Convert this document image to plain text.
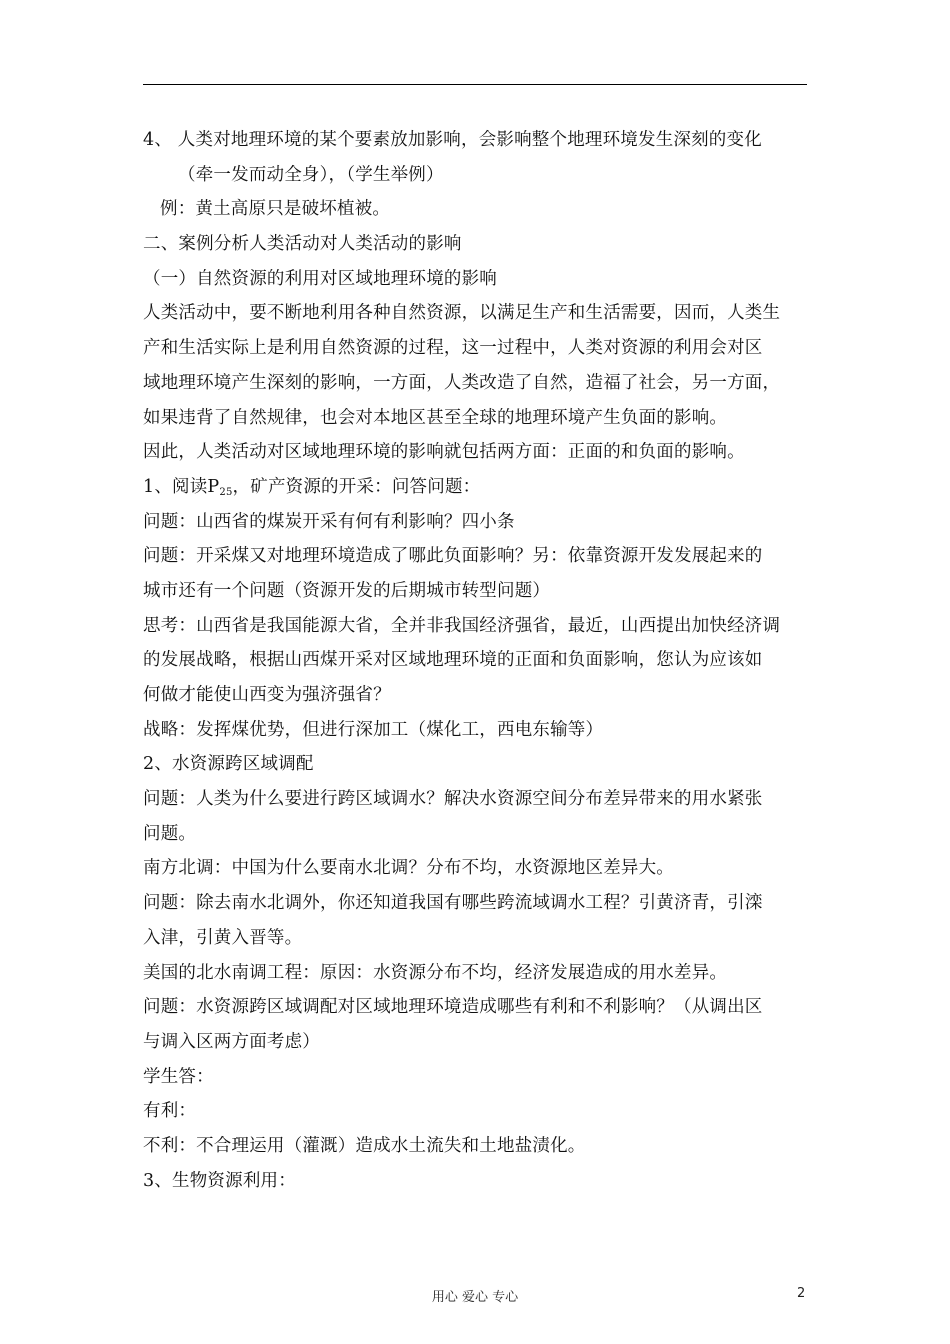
4、 人类对地理环境的某个要素放加影响，会影响整个地理环境发生深刻的变化
（牵一发而动全身），（学生举例）
例：黄土高原只是破坏植被。
二、案例分析人类活动对人类活动的影响
（一）自然资源的利用对区域地理环境的影响
人类活动中，要不断地利用各种自然资源，以满足生产和生活需要，因而，人类生
产和生活实际上是利用自然资源的过程，这一过程中，人类对资源的利用会对区
域地理环境产生深刻的影响，一方面，人类改造了自然，造福了社会，另一方面，
如果违背了自然规律，也会对本地区甚至全球的地理环境产生负面的影响。
因此，人类活动对区域地理环境的影响就包括两方面：正面的和负面的影响。
1、阅读$P_{25}$，矿产资源的开采：问答问题：
问题：山西省的煤炭开采有何有利影响？四小条
问题：开采煤又对地理环境造成了哪此负面影响？另：依靠资源开发发展起来的
城市还有一个问题（资源开发的后期城市转型问题）
思考：山西省是我国能源大省，全并非我国经济强省，最近，山西提出加快经济调
的发展战略，根据山西煤开采对区域地理环境的正面和负面影响，您认为应该如
何做才能使山西变为强济强省？
战略：发挥煤优势，但进行深加工（煤化工，西电东输等）
2、水资源跨区域调配
问题：人类为什么要进行跨区域调水？解决水资源空间分布差异带来的用水紧张
问题。
南方北调：中国为什么要南水北调？分布不均，水资源地区差异大。
问题：除去南水北调外，你还知道我国有哪些跨流域调水工程？引黄济青，引滦
入津，引黄入晋等。
美国的北水南调工程：原因：水资源分布不均，经济发展造成的用水差异。
问题：水资源跨区域调配对区域地理环境造成哪些有利和不利影响？（从调出区
与调入区两方面考虑）
学生答：
有利：
不利：不合理运用（灌溉）造成水土流失和土地盐渍化。
3、生物资源利用：
用心 爱心 专心	2
